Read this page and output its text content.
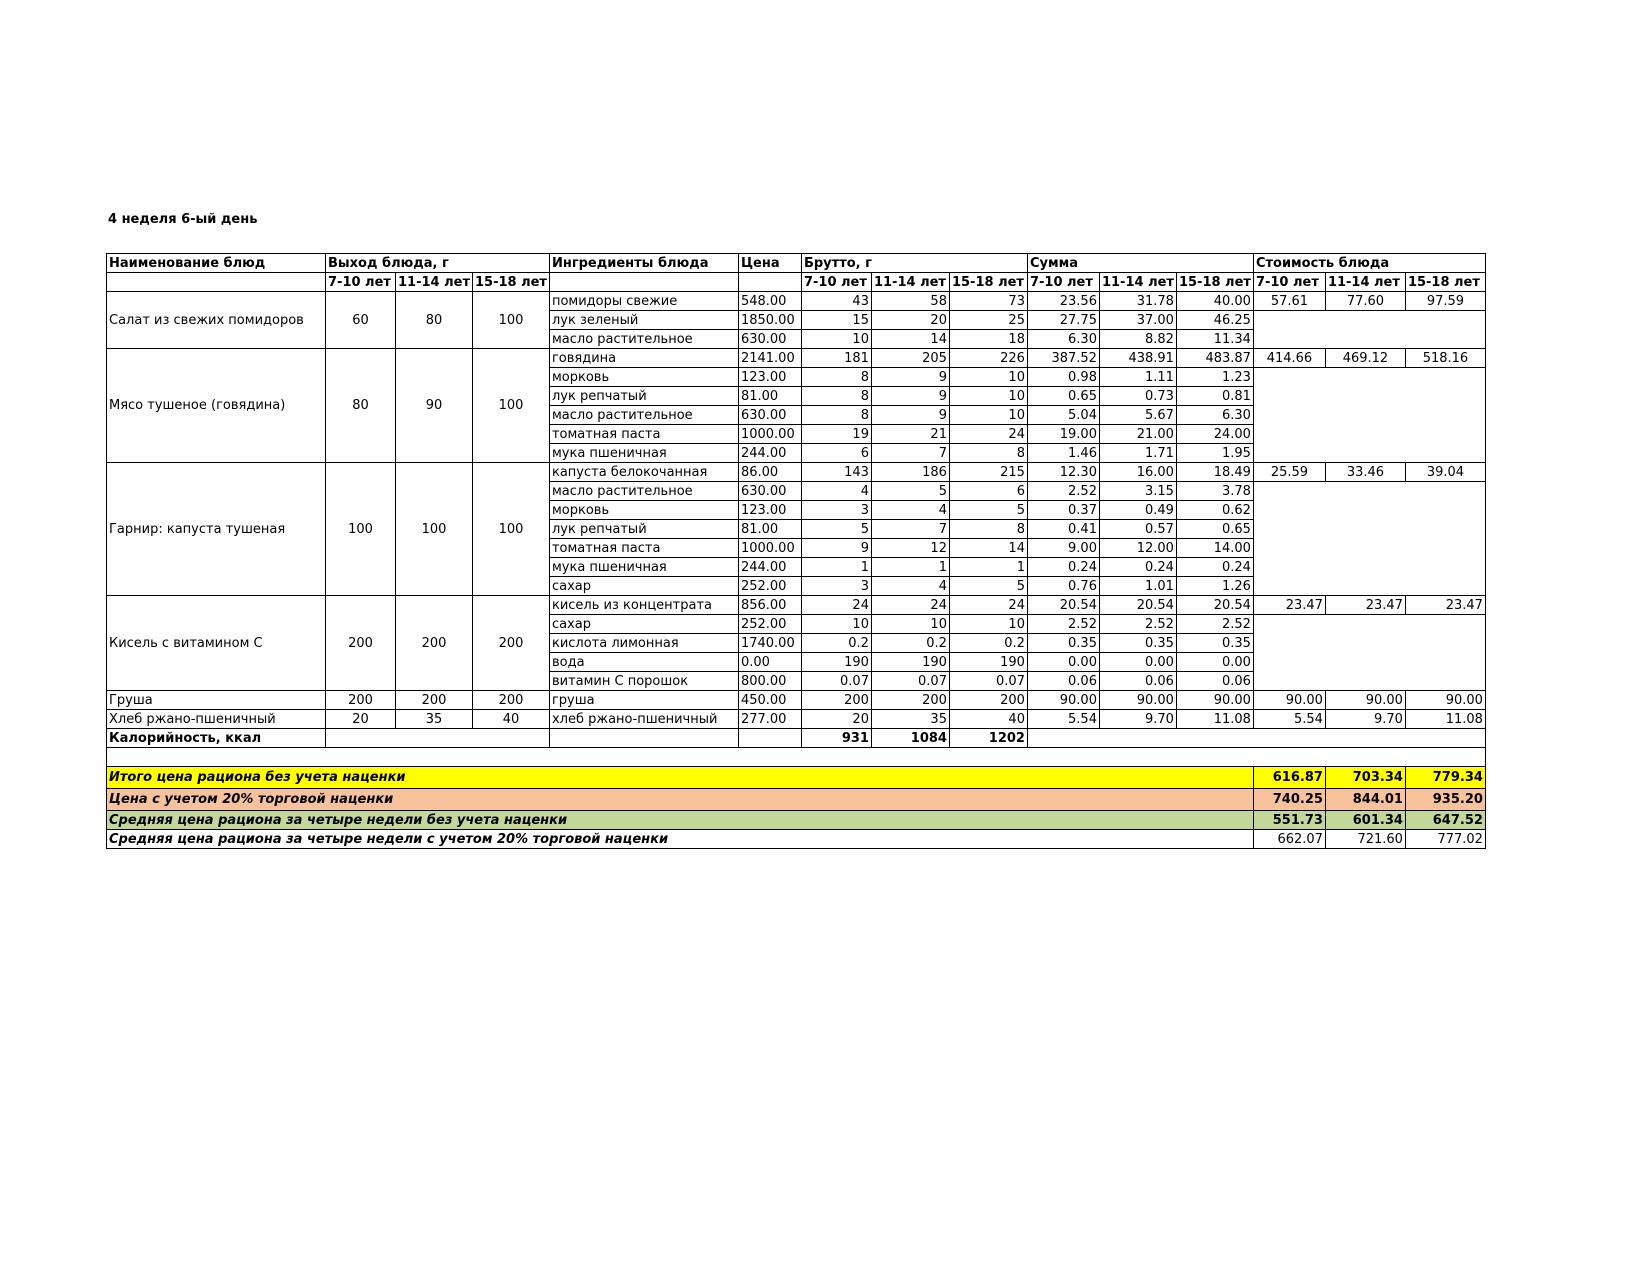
4 неделя 6-ый день
Наименование блюд	Выход блюда, г			Ингредиенты блюда	Цена	Брутто, г			Сумма			Стоимость блюда		
	7-10 лет	11-14 лет	15-18 лет			7-10 лет	11-14 лет	15-18 лет	7-10 лет	11-14 лет	15-18 лет	7-10 лет	11-14 лет	15-18 лет
Салат из свежих помидоров	60	80	100	помидоры свежие	548.00	43	58	73	23.56	31.78	40.00	57.61	77.60	97.59
				лук зеленый	1850.00	15	20	25	27.75	37.00	46.25			
				масло растительное	630.00	10	14	18	6.30	8.82	11.34			
Мясо тушеное (говядина)	80	90	100	говядина	2141.00	181	205	226	387.52	438.91	483.87	414.66	469.12	518.16
				морковь	123.00	8	9	10	0.98	1.11	1.23			
				лук репчатый	81.00	8	9	10	0.65	0.73	0.81			
				масло растительное	630.00	8	9	10	5.04	5.67	6.30			
				томатная паста	1000.00	19	21	24	19.00	21.00	24.00			
				мука пшеничная	244.00	6	7	8	1.46	1.71	1.95			
Гарнир: капуста тушеная	100	100	100	капуста белокочанная	86.00	143	186	215	12.30	16.00	18.49	25.59	33.46	39.04
				масло растительное	630.00	4	5	6	2.52	3.15	3.78			
				морковь	123.00	3	4	5	0.37	0.49	0.62			
				лук репчатый	81.00	5	7	8	0.41	0.57	0.65			
				томатная паста	1000.00	9	12	14	9.00	12.00	14.00			
				мука пшеничная	244.00	1	1	1	0.24	0.24	0.24			
				сахар	252.00	3	4	5	0.76	1.01	1.26			
Кисель с витамином С	200	200	200	кисель из концентрата	856.00	24	24	24	20.54	20.54	20.54	23.47	23.47	23.47
				сахар	252.00	10	10	10	2.52	2.52	2.52			
				кислота лимонная	1740.00	0.2	0.2	0.2	0.35	0.35	0.35			
				вода	0.00	190	190	190	0.00	0.00	0.00			
				витамин С порошок	800.00	0.07	0.07	0.07	0.06	0.06	0.06			
Груша	200	200	200	груша	450.00	200	200	200	90.00	90.00	90.00	90.00	90.00	90.00
Хлеб ржано-пшеничный	20	35	40	хлеб ржано-пшеничный	277.00	20	35	40	5.54	9.70	11.08	5.54	9.70	11.08
Калорийность, ккал						931	1084	1202						

Итого цена рациона без учета наценки												616.87	703.34	779.34
Цена с учетом 20% торговой наценки												740.25	844.01	935.20
Средняя цена рациона за четыре недели без учета наценки												551.73	601.34	647.52
Средняя цена рациона за четыре недели с учетом 20% торговой наценки												662.07	721.60	777.02
